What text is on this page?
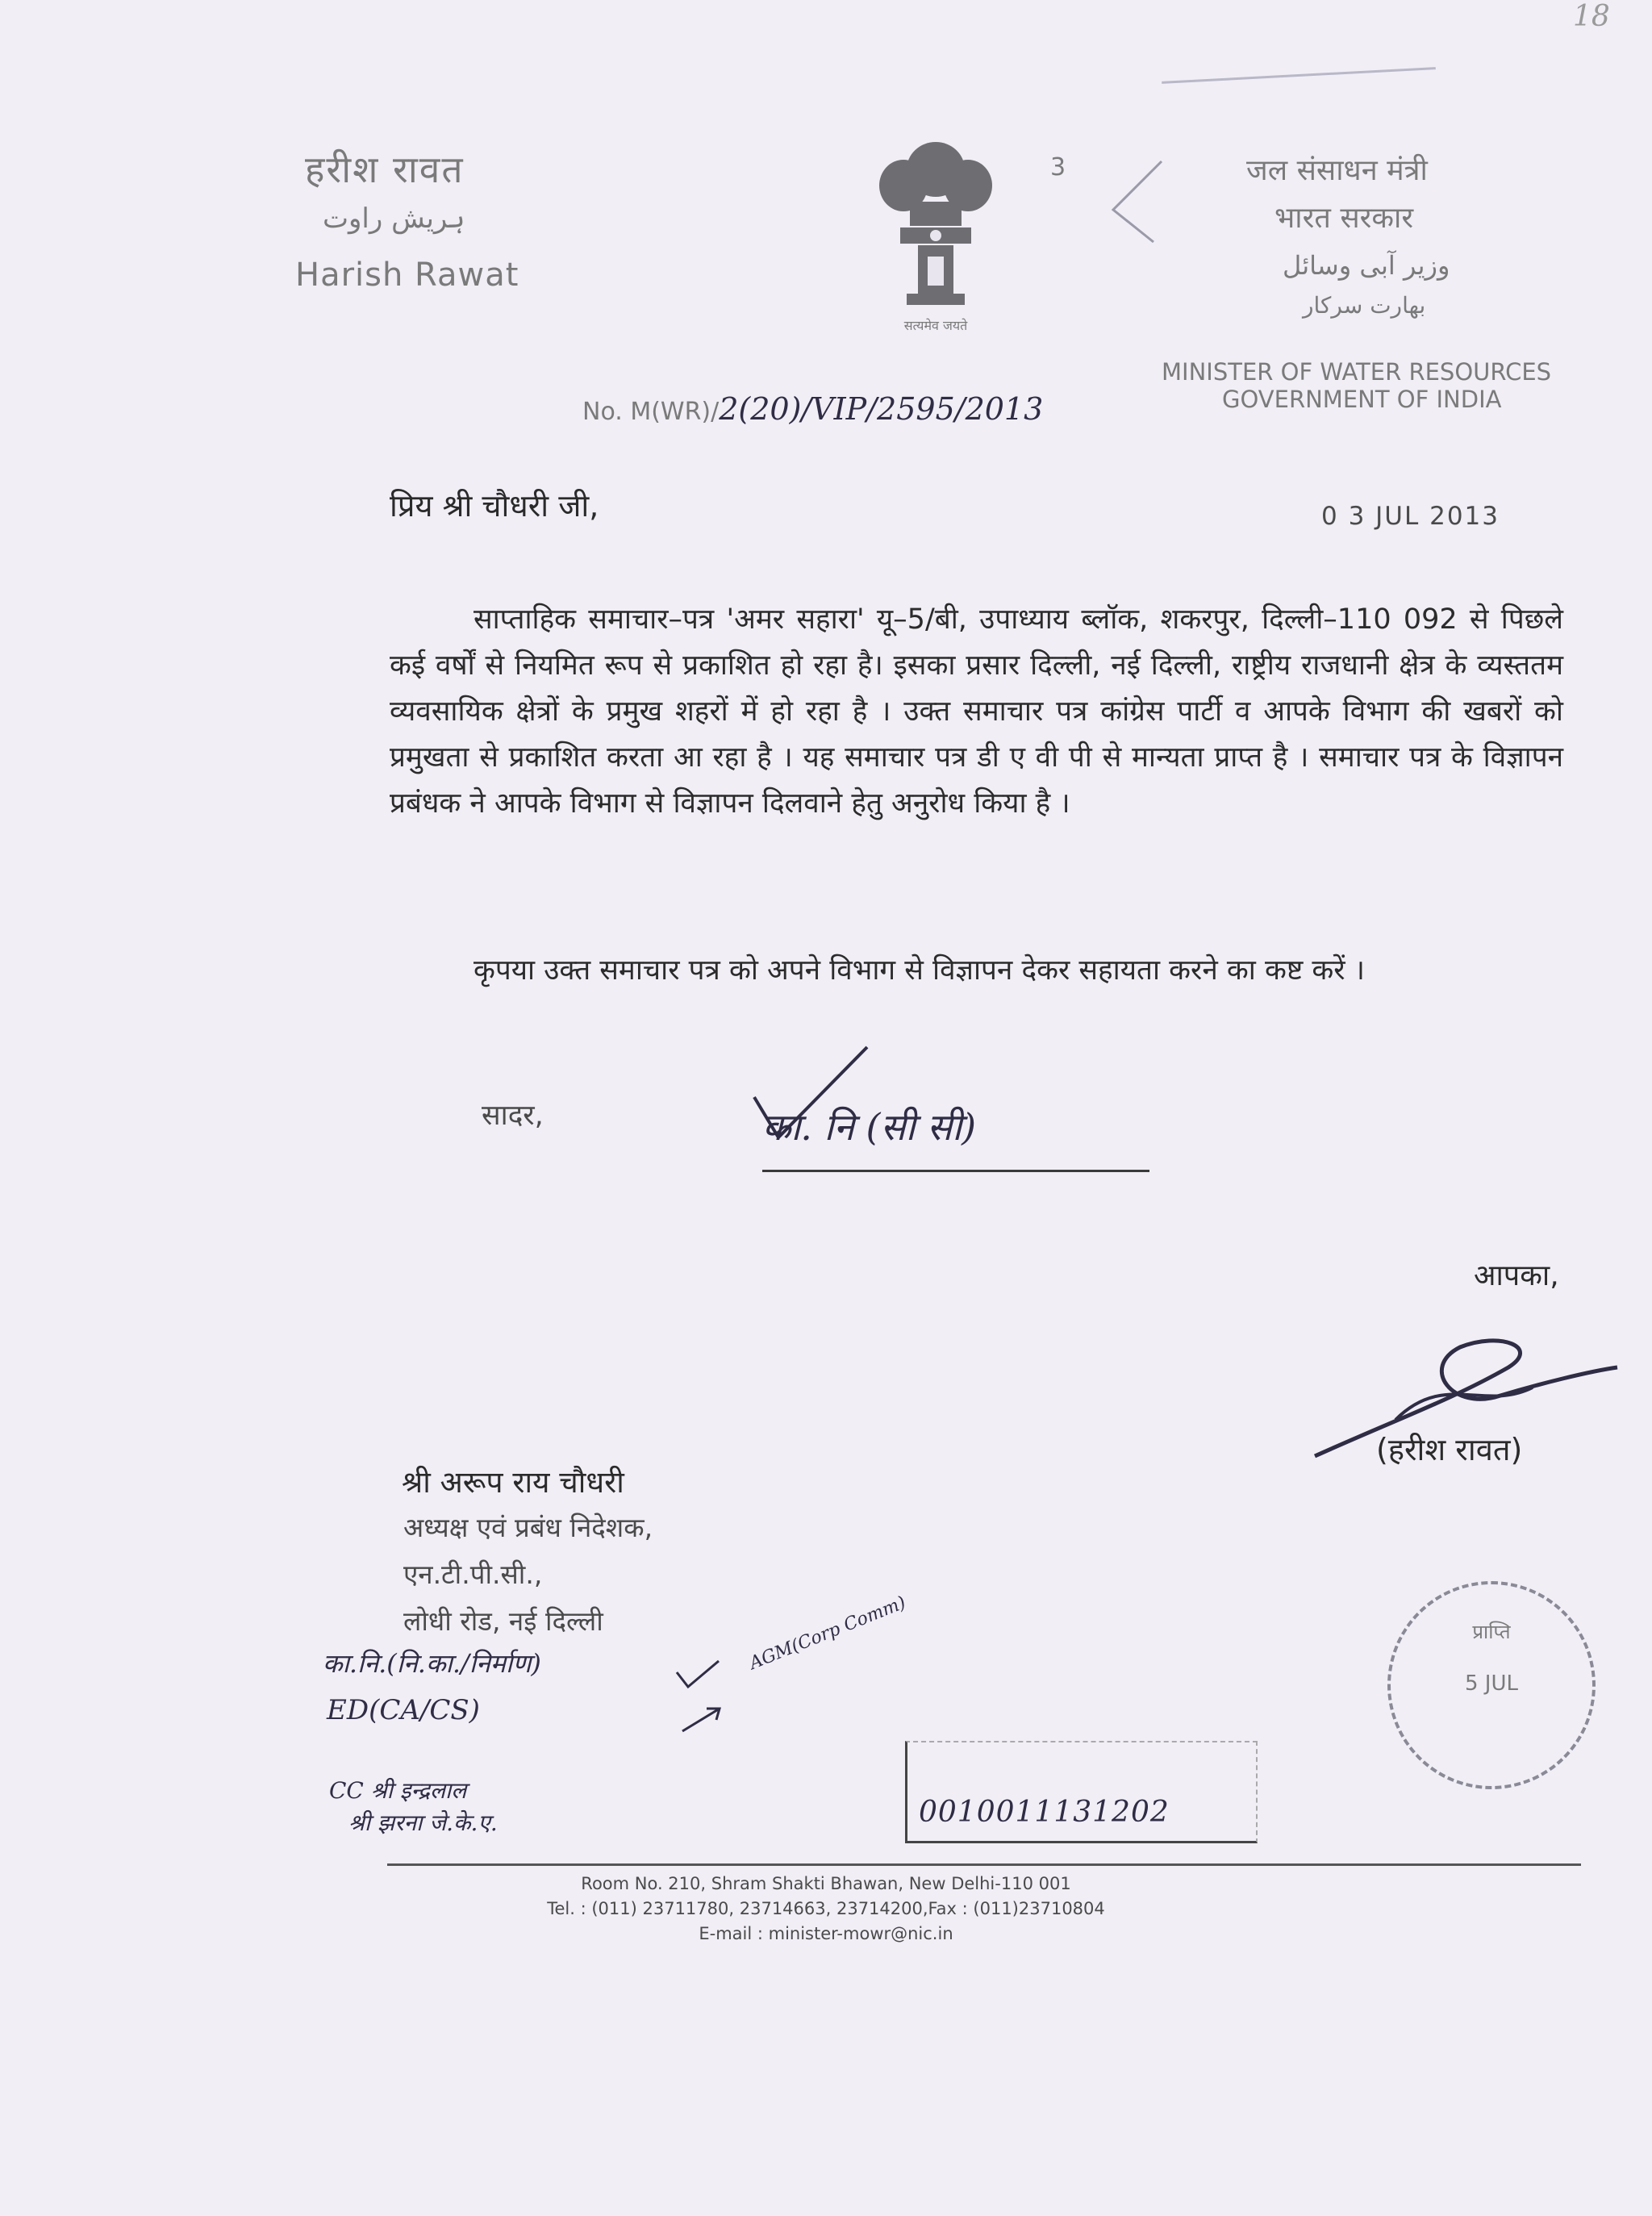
18
हरीश रावत
ہریش راوت
Harish Rawat
सत्यमेव जयते
3	जल संसाधन मंत्री
भारत सरकार
وزیر آبی وسائل
بھارت سرکار
MINISTER OF WATER RESOURCES
GOVERNMENT OF INDIA
No. M(WR)/2(20)/VIP/2595/2013
प्रिय श्री चौधरी जी,	0 3 JUL 2013
साप्ताहिक समाचार–पत्र 'अमर सहारा' यू–5/बी, उपाध्याय ब्लॉक, शकरपुर, दिल्ली–110 092 से पिछले कई वर्षों से नियमित रूप से प्रकाशित हो रहा है। इसका प्रसार दिल्ली, नई दिल्ली, राष्ट्रीय राजधानी क्षेत्र के व्यस्ततम व्यवसायिक क्षेत्रों के प्रमुख शहरों में हो रहा है । उक्त समाचार पत्र कांग्रेस पार्टी व आपके विभाग की खबरों को प्रमुखता से प्रकाशित करता आ रहा है । यह समाचार पत्र डी ए वी पी से मान्यता प्राप्त है । समाचार पत्र के विज्ञापन प्रबंधक ने आपके विभाग से विज्ञापन दिलवाने हेतु अनुरोध किया है ।
कृपया उक्त समाचार पत्र को अपने विभाग से विज्ञापन देकर सहायता करने का कष्ट करें ।
सादर,	का. नि (सी सी)
आपका,
(हरीश रावत)
श्री अरूप राय चौधरी
अध्यक्ष एवं प्रबंध निदेशक,
एन.टी.पी.सी.,
लोधी रोड, नई दिल्ली
का.नि.(नि.का./निर्माण)
ED(CA/CS)
AGM(Corp Comm)
CC श्री इन्द्रलाल
श्री झरना जे.के.ए.	0010011131202
प्राप्ति
5 JUL
Room No. 210, Shram Shakti Bhawan, New Delhi-110 001
Tel. : (011) 23711780, 23714663, 23714200,Fax : (011)23710804
E-mail : minister-mowr@nic.in
